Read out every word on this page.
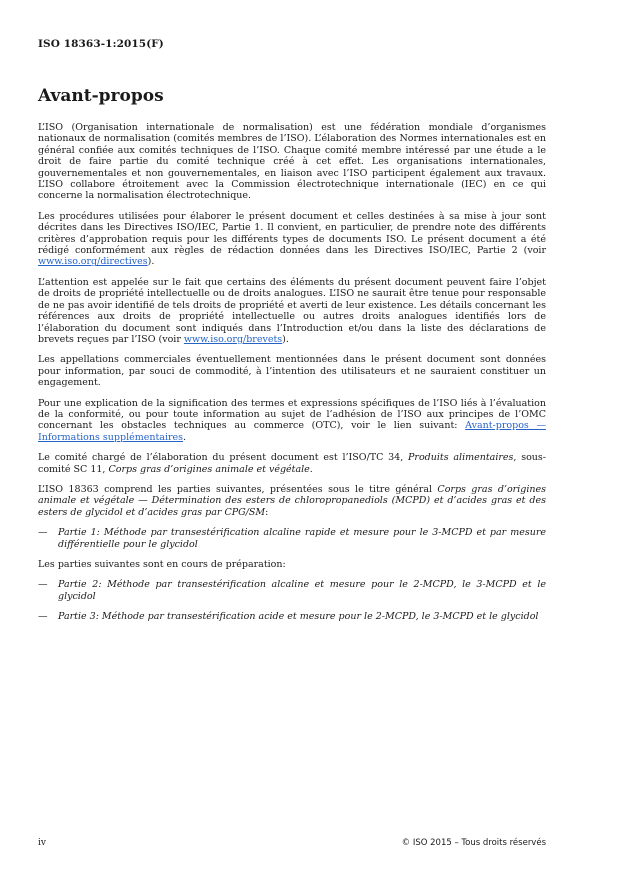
ISO 18363-1:2015(F)
Avant-propos

L’ISO (Organisation internationale de normalisation) est une fédération mondiale d’organismes nationaux de normalisation (comités membres de l’ISO). L’élaboration des Normes internationales est en général confiée aux comités techniques de l’ISO. Chaque comité membre intéressé par une étude a le droit de faire partie du comité technique créé à cet effet. Les organisations internationales, gouvernementales et non gouvernementales, en liaison avec l’ISO participent également aux travaux. L’ISO collabore étroitement avec la Commission électrotechnique internationale (IEC) en ce qui concerne la normalisation électrotechnique.

Les procédures utilisées pour élaborer le présent document et celles destinées à sa mise à jour sont décrites dans les Directives ISO/IEC, Partie 1. Il convient, en particulier, de prendre note des différents critères d’approbation requis pour les différents types de documents ISO. Le présent document a été rédigé conformément aux règles de rédaction données dans les Directives ISO/IEC, Partie 2 (voir www.iso.org/directives).

L’attention est appelée sur le fait que certains des éléments du présent document peuvent faire l’objet de droits de propriété intellectuelle ou de droits analogues. L’ISO ne saurait être tenue pour responsable de ne pas avoir identifié de tels droits de propriété et averti de leur existence. Les détails concernant les références aux droits de propriété intellectuelle ou autres droits analogues identifiés lors de l’élaboration du document sont indiqués dans l’Introduction et/ou dans la liste des déclarations de brevets reçues par l’ISO (voir www.iso.org/brevets).

Les appellations commerciales éventuellement mentionnées dans le présent document sont données pour information, par souci de commodité, à l’intention des utilisateurs et ne sauraient constituer un engagement.

Pour une explication de la signification des termes et expressions spécifiques de l’ISO liés à l’évaluation de la conformité, ou pour toute information au sujet de l’adhésion de l’ISO aux principes de l’OMC concernant les obstacles techniques au commerce (OTC), voir le lien suivant: Avant-propos — Informations supplémentaires.

Le comité chargé de l’élaboration du présent document est l’ISO/TC 34, Produits alimentaires, sous-comité SC 11, Corps gras d’origines animale et végétale.

L’ISO 18363 comprend les parties suivantes, présentées sous le titre général Corps gras d’origines animale et végétale — Détermination des esters de chloropropanediols (MCPD) et d’acides gras et des esters de glycidol et d’acides gras par CPG/SM:

—	Partie 1: Méthode par transestérification alcaline rapide et mesure pour le 3-MCPD et par mesure différentielle pour le glycidol

Les parties suivantes sont en cours de préparation:

—	Partie 2: Méthode par transestérification alcaline et mesure pour le 2-MCPD, le 3-MCPD et le glycidol
—	Partie 3: Méthode par transestérification acide et mesure pour le 2-MCPD, le 3-MCPD et le glycidol
iv	© ISO 2015 – Tous droits réservés
